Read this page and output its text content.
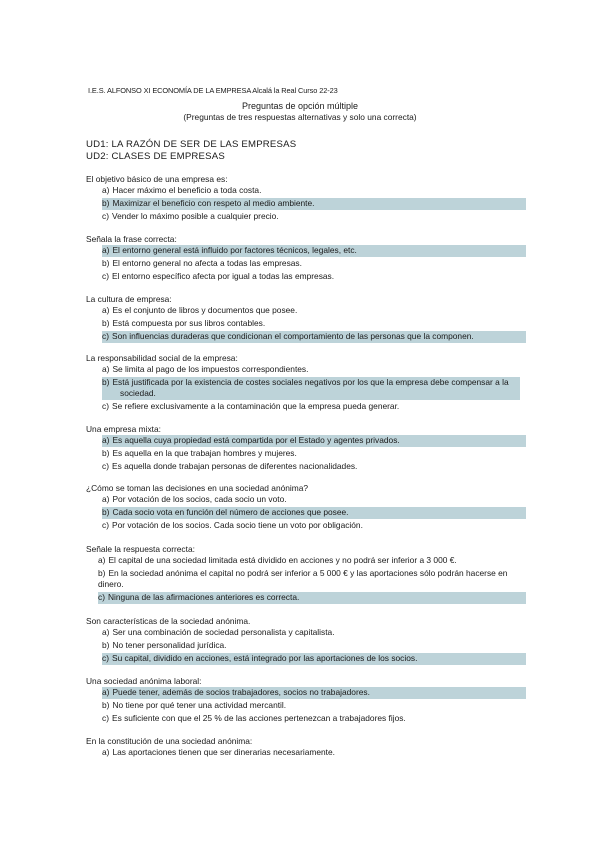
I.E.S. ALFONSO XI ECONOMÍA DE LA EMPRESA Alcalá la Real Curso 22-23
Preguntas de opción múltiple
(Preguntas de tres respuestas alternativas y solo una correcta)
UD1: LA RAZÓN DE SER DE LAS EMPRESAS
UD2: CLASES DE EMPRESAS
El objetivo básico de una empresa es:
a) Hacer máximo el beneficio a toda costa.
b) Maximizar el beneficio con respeto al medio ambiente.
c) Vender lo máximo posible a cualquier precio.
Señala la frase correcta:
a) El entorno general está influido por factores técnicos, legales, etc.
b) El entorno general no afecta a todas las empresas.
c) El entorno específico afecta por igual a todas las empresas.
La cultura de empresa:
a) Es el conjunto de libros y documentos que posee.
b) Está compuesta por sus libros contables.
c) Son influencias duraderas que condicionan el comportamiento de las personas que la componen.
La responsabilidad social de la empresa:
a) Se limita al pago de los impuestos correspondientes.
b) Está justificada por la existencia de costes sociales negativos por los que la empresa debe compensar a la
sociedad.
c) Se refiere exclusivamente a la contaminación que la empresa pueda generar.
Una empresa mixta:
a) Es aquella cuya propiedad está compartida por el Estado y agentes privados.
b) Es aquella en la que trabajan hombres y mujeres.
c) Es aquella donde trabajan personas de diferentes nacionalidades.
¿Cómo se toman las decisiones en una sociedad anónima?
a) Por votación de los socios, cada socio un voto.
b) Cada socio vota en función del número de acciones que posee.
c) Por votación de los socios. Cada socio tiene un voto por obligación.
Señale la respuesta correcta:
a) El capital de una sociedad limitada está dividido en acciones y no podrá ser inferior a 3 000 €.
b) En la sociedad anónima el capital no podrá ser inferior a 5 000 € y las aportaciones sólo podrán hacerse en
dinero.
c) Ninguna de las afirmaciones anteriores es correcta.
Son características de la sociedad anónima.
a) Ser una combinación de sociedad personalista y capitalista.
b) No tener personalidad jurídica.
c) Su capital, dividido en acciones, está integrado por las aportaciones de los socios.
Una sociedad anónima laboral:
a) Puede tener, además de socios trabajadores, socios no trabajadores.
b) No tiene por qué tener una actividad mercantil.
c) Es suficiente con que el 25 % de las acciones pertenezcan a trabajadores fijos.
En la constitución de una sociedad anónima:
a) Las aportaciones tienen que ser dinerarias necesariamente.
